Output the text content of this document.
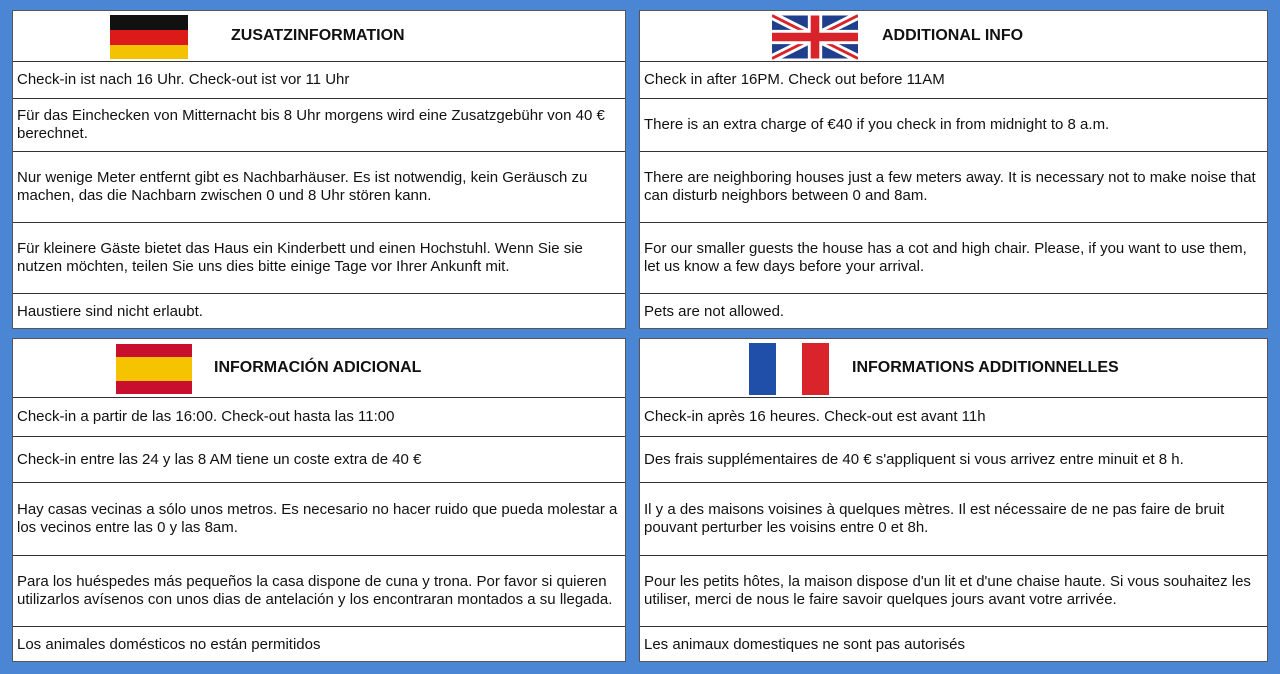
ZUSATZINFORMATION
Check-in ist nach 16 Uhr. Check-out ist vor 11 Uhr
Für das Einchecken von Mitternacht bis 8 Uhr morgens wird eine Zusatzgebühr von 40 € berechnet.
Nur wenige Meter entfernt gibt es Nachbarhäuser. Es ist notwendig, kein Geräusch zu machen, das die Nachbarn zwischen 0 und 8 Uhr stören kann.
Für kleinere Gäste bietet das Haus ein Kinderbett und einen Hochstuhl. Wenn Sie sie nutzen möchten, teilen Sie uns dies bitte einige Tage vor Ihrer Ankunft mit.
Haustiere sind nicht erlaubt.
ADDITIONAL INFO
Check in after 16PM. Check out before 11AM
There is an extra charge of €40 if you check in from midnight to 8 a.m.
There are neighboring houses just a few meters away. It is necessary not to make noise that can disturb neighbors between 0 and 8am.
For our smaller guests the house has a cot and high chair. Please, if you want to use them, let us know a few days before your arrival.
Pets are not allowed.
INFORMACIÓN ADICIONAL
Check-in a partir de las 16:00. Check-out hasta las 11:00
Check-in entre las 24 y las 8 AM tiene un coste extra de 40 €
Hay casas vecinas a sólo unos metros. Es necesario no hacer ruido que pueda molestar a los vecinos entre las 0 y las 8am.
Para los huéspedes más pequeños la casa dispone de cuna y trona. Por favor si quieren utilizarlos avísenos con unos dias de antelación y los encontraran montados a su llegada.
Los animales domésticos no están permitidos
INFORMATIONS ADDITIONNELLES
Check-in après 16 heures. Check-out est avant 11h
Des frais supplémentaires de 40 € s'appliquent si vous arrivez entre minuit et 8 h.
Il y a des maisons voisines à quelques mètres. Il est nécessaire de ne pas faire de bruit pouvant perturber les voisins entre 0 et 8h.
Pour les petits hôtes, la maison dispose d'un lit et d'une chaise haute. Si vous souhaitez les utiliser, merci de nous le faire savoir quelques jours avant votre arrivée.
Les animaux domestiques ne sont pas autorisés
